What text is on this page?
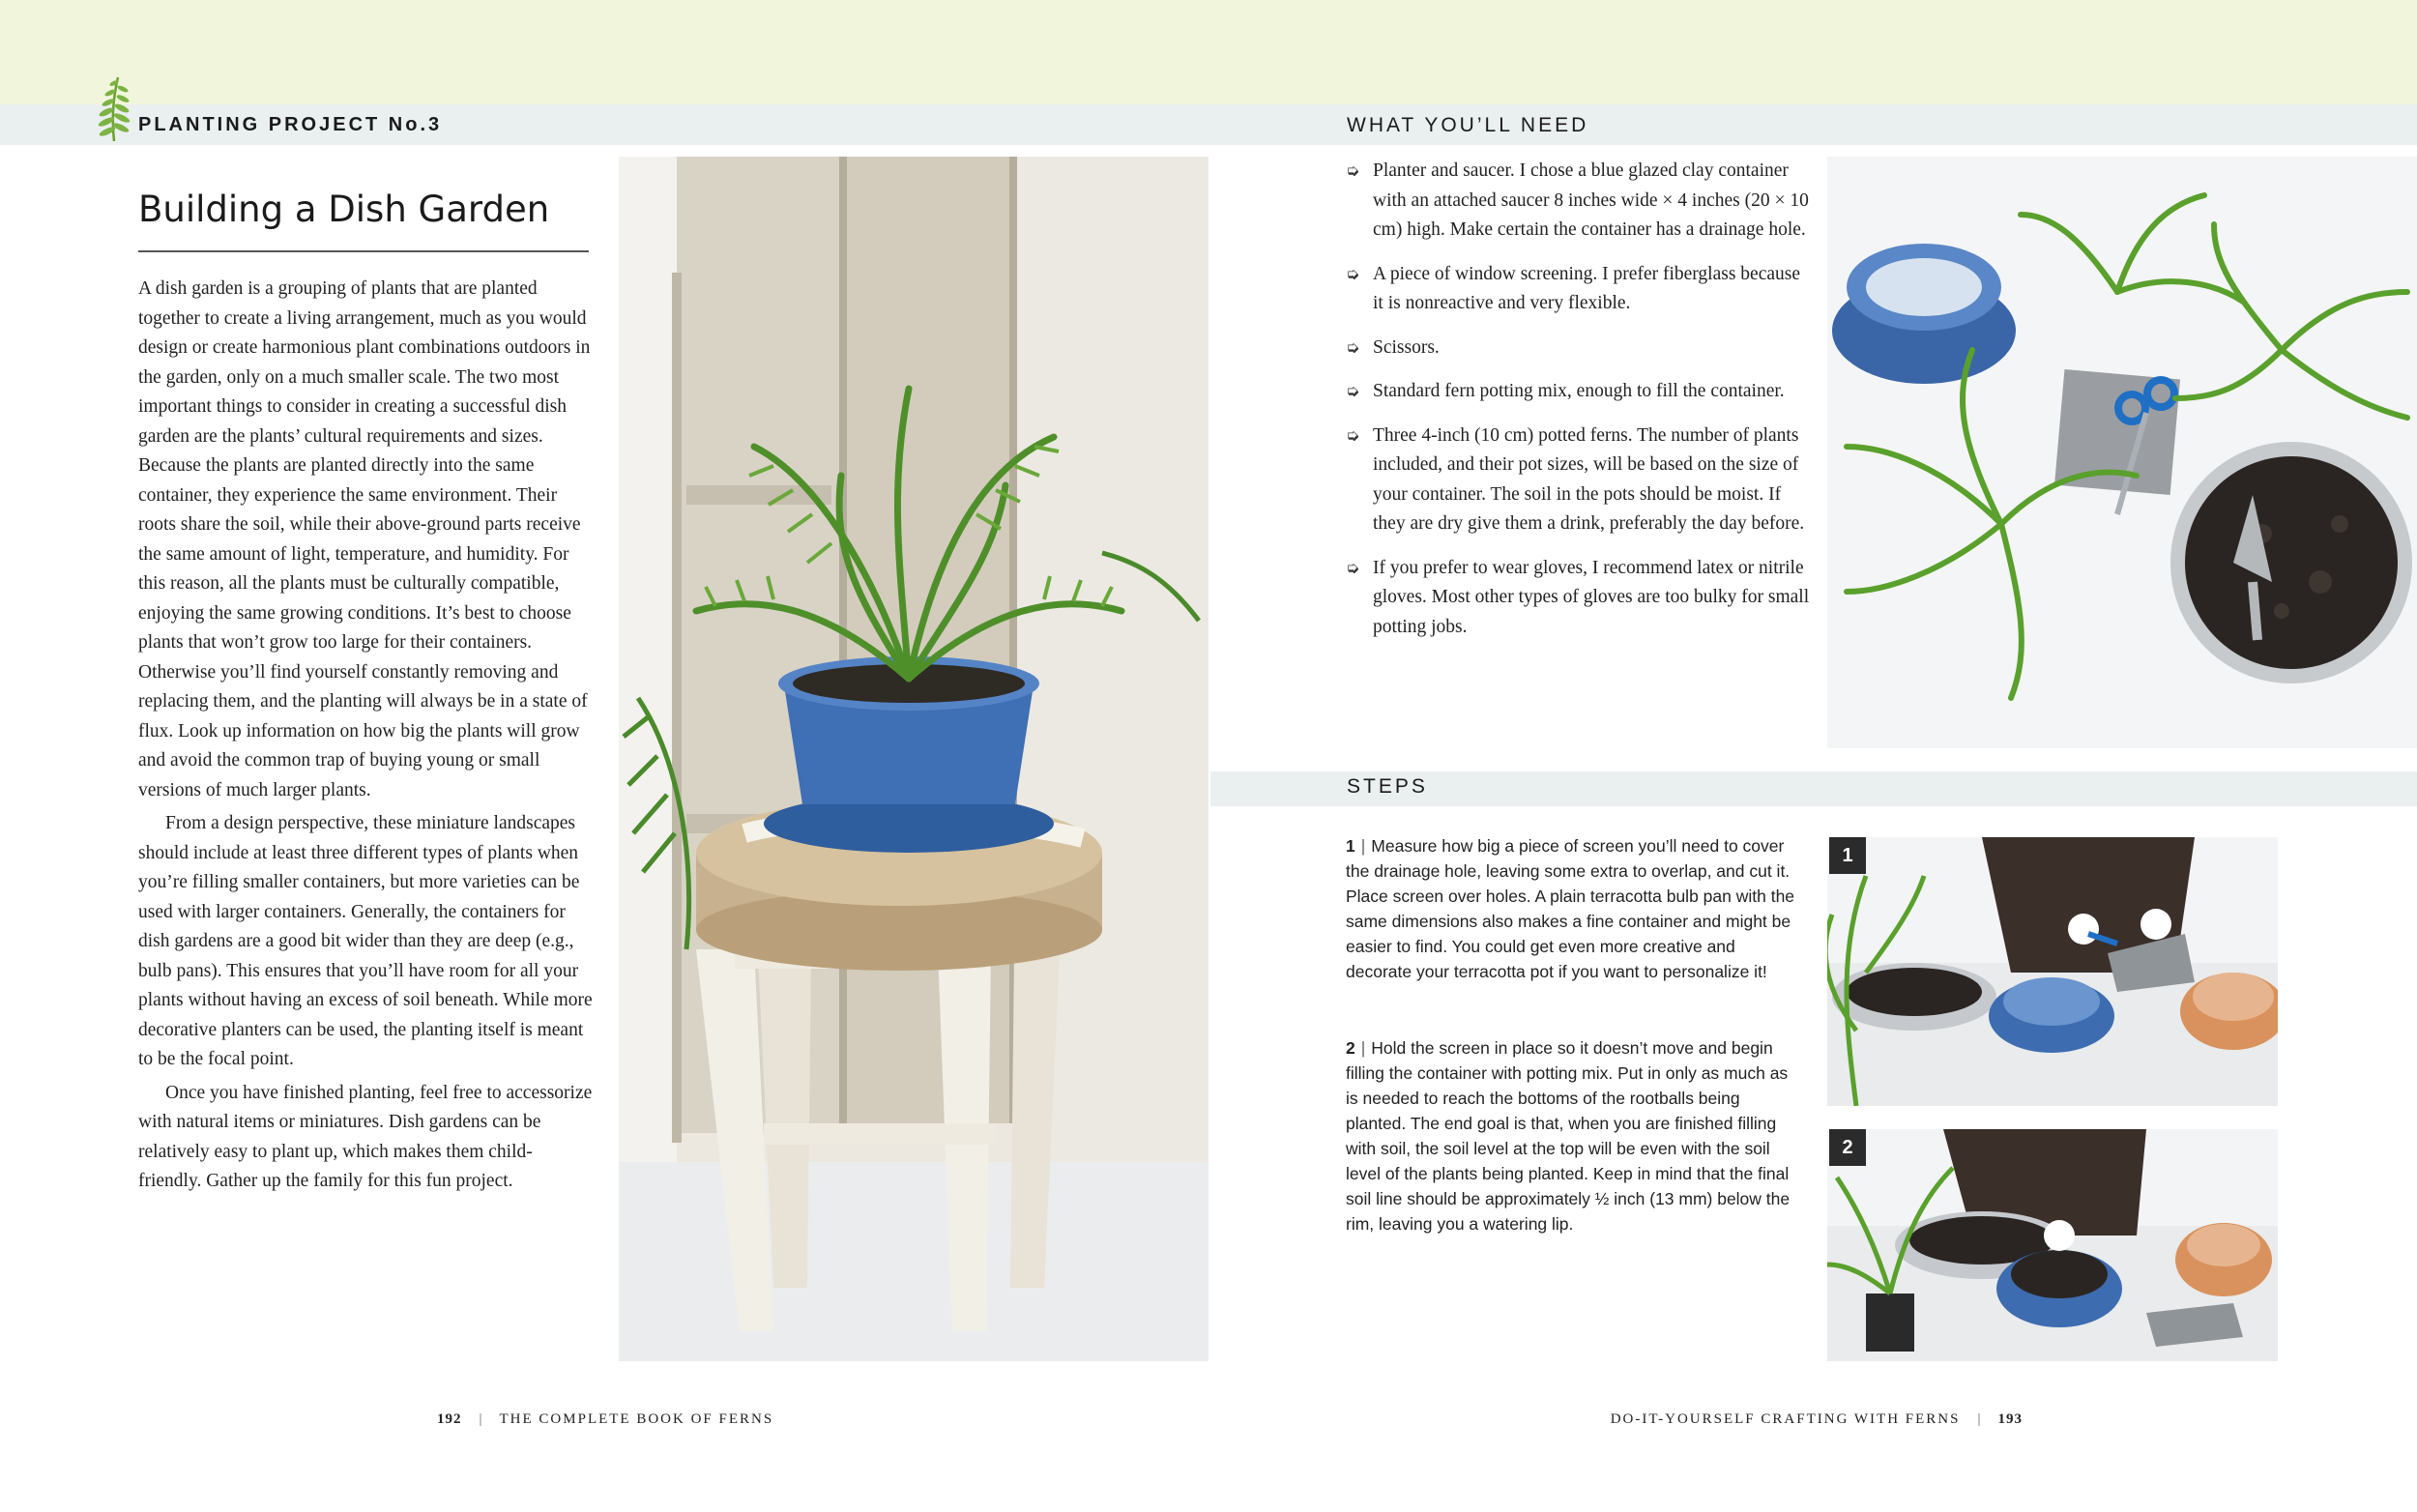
PLANTING PROJECT No.3
Building a Dish Garden

A dish garden is a grouping of plants that are planted together to create a living arrangement, much as you would design or create harmonious plant combinations outdoors in the garden, only on a much smaller scale. The two most important things to consider in creating a successful dish garden are the plants’ cultural requirements and sizes. Because the plants are planted directly into the same container, they experience the same environment. Their roots share the soil, while their above-ground parts receive the same amount of light, temperature, and humidity. For this reason, all the plants must be culturally compatible, enjoying the same growing conditions. It’s best to choose plants that won’t grow too large for their containers. Otherwise you’ll find yourself constantly removing and replacing them, and the planting will always be in a state of flux. Look up information on how big the plants will grow and avoid the common trap of buying young or small versions of much larger plants.

From a design perspective, these miniature landscapes should include at least three different types of plants when you’re filling smaller containers, but more varieties can be used with larger containers. Generally, the containers for dish gardens are a good bit wider than they are deep (e.g., bulb pans). This ensures that you’ll have room for all your plants without having an excess of soil beneath. While more decorative planters can be used, the planting itself is meant to be the focal point.

Once you have finished planting, feel free to accessorize with natural items or miniatures. Dish gardens can be relatively easy to plant up, which makes them child-friendly. Gather up the family for this fun project.

WHAT YOU’LL NEED
➭ Planter and saucer. I chose a blue glazed clay container with an attached saucer 8 inches wide × 4 inches (20 × 10 cm) high. Make certain the container has a drainage hole.
➭ A piece of window screening. I prefer fiberglass because it is nonreactive and very flexible.
➭ Scissors.
➭ Standard fern potting mix, enough to fill the container.
➭ Three 4-inch (10 cm) potted ferns. The number of plants included, and their pot sizes, will be based on the size of your container. The soil in the pots should be moist. If they are dry give them a drink, preferably the day before.
➭ If you prefer to wear gloves, I recommend latex or nitrile gloves. Most other types of gloves are too bulky for small potting jobs.
STEPS
1 | Measure how big a piece of screen you’ll need to cover the drainage hole, leaving some extra to overlap, and cut it. Place screen over holes. A plain terracotta bulb pan with the same dimensions also makes a fine container and might be easier to find. You could get even more creative and decorate your terracotta pot if you want to personalize it!
2 | Hold the screen in place so it doesn’t move and begin filling the container with potting mix. Put in only as much as is needed to reach the bottoms of the rootballs being planted. The end goal is that, when you are finished filling with soil, the soil level at the top will be even with the soil level of the plants being planted. Keep in mind that the final soil line should be approximately ½ inch (13 mm) below the rim, leaving you a watering lip.
1
2
192 | THE COMPLETE BOOK OF FERNS	DO-IT-YOURSELF CRAFTING WITH FERNS | 193
